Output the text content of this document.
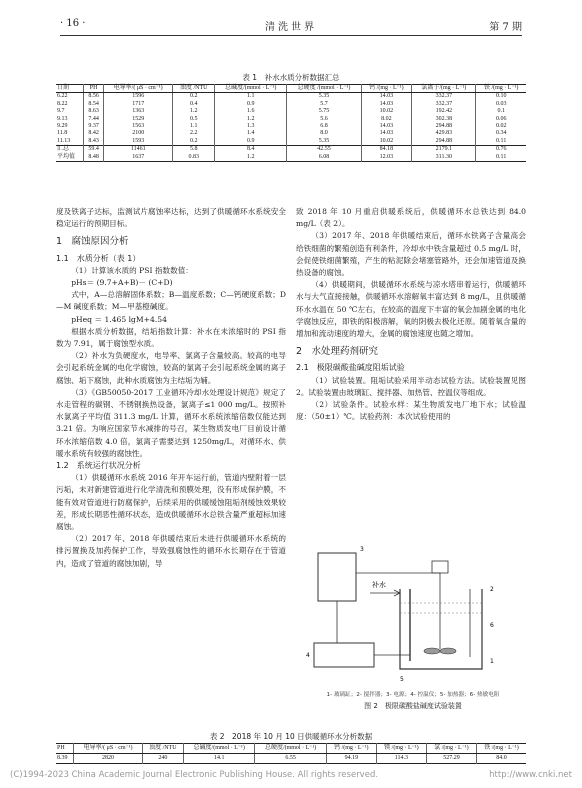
· 16 ·	清洗世界	第 7 期
表 1　补水水质分析数据汇总
日期	PH	电导率/( μS · cm⁻¹)	浊度 /NTU	总碱度/(mmol · L⁻¹)	总硬度 /(mmol · L⁻¹)	钙 /(mg · L⁻¹)	氯离子/(mg · L⁻¹)	铁 /(mg · L⁻¹)
6.22	8.56	1596	0.2	1.1	5.35	14.03	332.37	0.10
8.22	8.54	1717	0.4	0.9	5.7	14.03	332.37	0.03
9.7	8.63	1363	1.2	1.6	5.75	10.02	192.42	0.1
9.13	7.44	1529	0.5	1.2	5.6	8.02	302.38	0.06
9.29	9.37	1563	1.1	1.3	6.8	14.03	294.88	0.02
11.8	8.42	2100	2.2	1.4	8.0	14.03	429.83	0.34
11.13	8.43	1593	0.2	0.9	5.35	10.02	294.88	0.11
汇总	59.4	11461	5.8	8.4	42.55	84.18	2179.1	0.76
平均值	8.48	1637	0.83	1.2	6.08	12.03	311.30	0.11

度及铁离子达标，监测试片腐蚀率达标，达到了供暖循环水系统安全稳定运行的预期目标。

1　腐蚀原因分析

1.1　水质分析（表 1）

（1）计算该水质的 PSI 指数数值：

pHs＝ (9.7+A+B)－ (C+D)

式中，A—总溶解固体系数；B—温度系数；C—钙硬度系数；D—M 碱度系数；M—甲基橙碱度。

pHeq ＝ 1.465 lgM+4.54

根据水质分析数据，结垢指数计算：补水在未浓缩时的 PSI 指数为 7.91，属于腐蚀型水质。

（2）补水为负硬度水，电导率、氯离子含量较高。较高的电导会引起系统金属的电化学腐蚀，较高的氯离子会引起系统金属的离子腐蚀、垢下腐蚀，此种水质腐蚀为主结垢为辅。

（3）《GB50050-2017 工业循环冷却水处理设计规范》规定了水走管程的碳钢、不锈钢换热设备，氯离子≤1 000 mg/L。按照补水氯离子平均值 311.3 mg/L 计算，循环水系统浓缩倍数仅能达到 3.21 倍。为响应国家节水减排的号召，某生物质发电厂目前设计循环水浓缩倍数 4.0 倍，氯离子需要达到 1250mg/L，对循环水、供暖水系统有较强的腐蚀性。

1.2　系统运行状况分析

（1）供暖循环水系统 2016 年开车运行前，管道内壁附着一层污垢，未对新建管道进行化学清洗和预膜处理，没有形成保护膜，不能有效对管道进行防腐保护，后续采用的供暖缓蚀阻垢剂缓蚀效果较差，形成长期恶性循环状态，造成供暖循环水总铁含量严重超标加速腐蚀。

（2）2017 年、2018 年供暖结束后未进行供暖循环水系统的排污置换及加药保护工作，导致强腐蚀性的循环水长期存在于管道内，造成了管道的腐蚀加剧，导

致 2018 年 10 月重启供暖系统后，供暖循环水总铁达到 84.0 mg/L（表 2）。

（3）2017 年、2018 年供暖结束后，循环水铁离子含量高会给铁细菌的繁殖创造有利条件，冷却水中铁含量超过 0.5 mg/L 时，会促使铁细菌繁殖，产生的粘泥除会堵塞管路外，还会加速管道及换热设备的腐蚀。

（4）供暖期间，供暖循环水系统与凉水塔串着运行，供暖循环水与大气直接接触，供暖循环水溶解氧丰富达到 8 mg/L，且供暖循环水水温在 50 ℃左右，在较高的温度下丰富的氧会加剧金属的电化学腐蚀反应，即铁的阳极溶解，氧的阴极去极化还原。随着氧含量的增加和流动速度的增大，金属的腐蚀速度也随之增加。

2　水处理药剂研究

2.1　极限碳酸盐碱度阻垢试验

（1）试验装置。阻垢试验采用半动态试验方法。试验装置见图 2。试验装置由玻璃缸、搅拌器、加热管、控温仪等组成。

（2）试验条件。试验水样：某生物质发电厂地下水；试验温度：（50±1）℃。试验药剂：本次试验使用的

补水
3
4
2
6
1
5
1- 玻璃缸；2- 搅拌器；3- 电源；4- 控温仪；5- 加热器；6- 热敏电阻
图 2　极限碳酸盐碱度试验装置
表 2　2018 年 10 月 10 日供暖循环水分析数据
PH	电导率/( μS · cm⁻¹)	浊度 /NTU	总碱度/(mmol · L⁻¹)	总硬度/(mmol · L⁻¹)	钙 /(mg · L⁻¹)	镁 /(mg · L⁻¹)	氯 /(mg · L⁻¹)	铁 /(mg · L⁻¹)
8.39	2820	240	14.1	6.55	94.19	114.3	527.29	84.0
(C)1994-2023 China Academic Journal Electronic Publishing House. All rights reserved.	http://www.cnki.net
